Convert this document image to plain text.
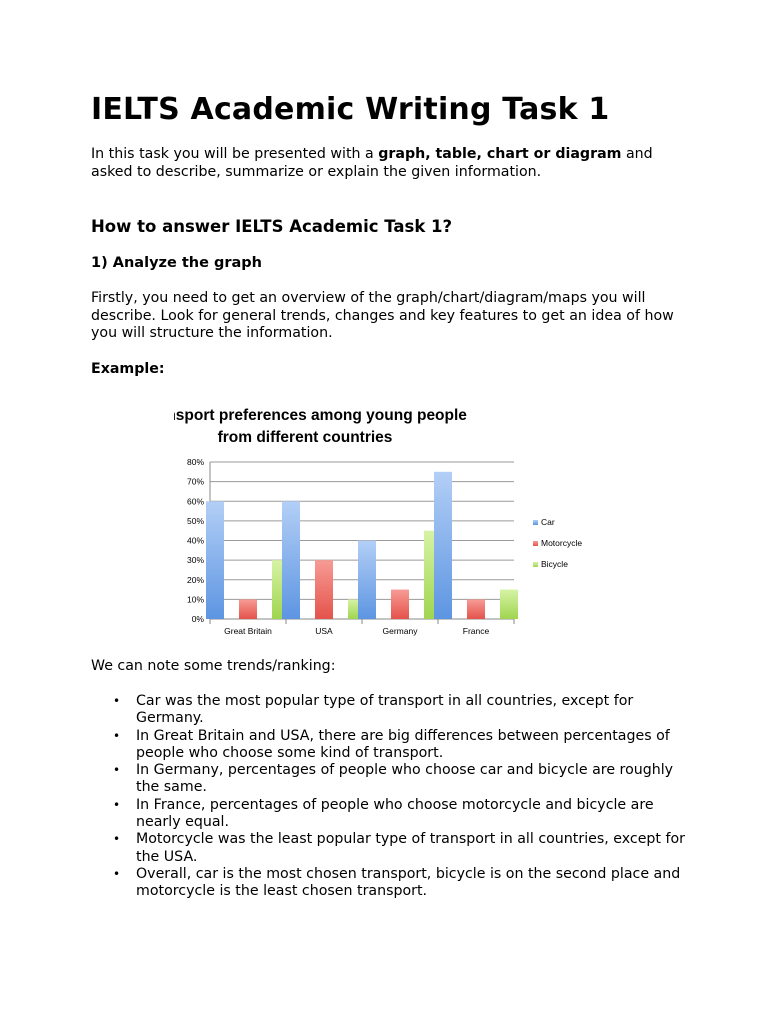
IELTS Academic Writing Task 1

In this task you will be presented with a graph, table, chart or diagram and asked to describe, summarize or explain the given information.

How to answer IELTS Academic Task 1?
1) Analyze the graph

Firstly, you need to get an overview of the graph/chart/diagram/maps you will describe. Look for general trends, changes and key features to get an idea of how you will structure the information.

Example:

Transport preferences among young people
from different countries
0%
10%
20%
30%
40%
50%
60%
70%
80%
Great Britain	USA	Germany	France
Car
Motorcycle
Bicycle

We can note some trends/ranking:

• Car was the most popular type of transport in all countries, except for Germany.
• In Great Britain and USA, there are big differences between percentages of people who choose some kind of transport.
• In Germany, percentages of people who choose car and bicycle are roughly the same.
• In France, percentages of people who choose motorcycle and bicycle are nearly equal.
• Motorcycle was the least popular type of transport in all countries, except for the USA.
• Overall, car is the most chosen transport, bicycle is on the second place and motorcycle is the least chosen transport.
